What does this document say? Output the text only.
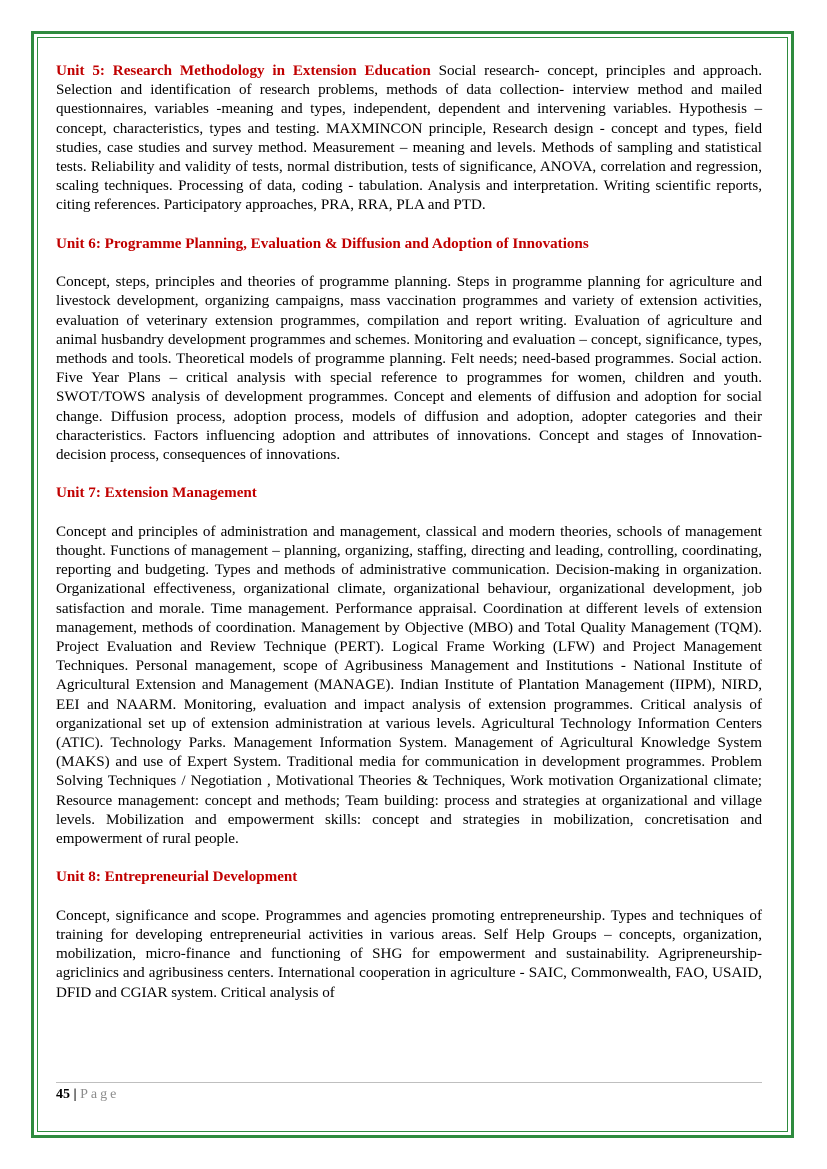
Unit 5: Research Methodology in Extension Education Social research- concept, principles and approach. Selection and identification of research problems, methods of data collection- interview method and mailed questionnaires, variables -meaning and types, independent, dependent and intervening variables. Hypothesis – concept, characteristics, types and testing. MAXMINCON principle, Research design - concept and types, field studies, case studies and survey method. Measurement – meaning and levels. Methods of sampling and statistical tests. Reliability and validity of tests, normal distribution, tests of significance, ANOVA, correlation and regression, scaling techniques. Processing of data, coding - tabulation. Analysis and interpretation. Writing scientific reports, citing references. Participatory approaches, PRA, RRA, PLA and PTD.

Unit 6: Programme Planning, Evaluation & Diffusion and Adoption of Innovations

Concept, steps, principles and theories of programme planning. Steps in programme planning for agriculture and livestock development, organizing campaigns, mass vaccination programmes and variety of extension activities, evaluation of veterinary extension programmes, compilation and report writing. Evaluation of agriculture and animal husbandry development programmes and schemes. Monitoring and evaluation – concept, significance, types, methods and tools. Theoretical models of programme planning. Felt needs; need-based programmes. Social action. Five Year Plans – critical analysis with special reference to programmes for women, children and youth. SWOT/TOWS analysis of development programmes. Concept and elements of diffusion and adoption for social change. Diffusion process, adoption process, models of diffusion and adoption, adopter categories and their characteristics. Factors influencing adoption and attributes of innovations. Concept and stages of Innovation-decision process, consequences of innovations.

Unit 7: Extension Management

Concept and principles of administration and management, classical and modern theories, schools of management thought. Functions of management – planning, organizing, staffing, directing and leading, controlling, coordinating, reporting and budgeting. Types and methods of administrative communication. Decision-making in organization. Organizational effectiveness, organizational climate, organizational behaviour, organizational development, job satisfaction and morale. Time management. Performance appraisal. Coordination at different levels of extension management, methods of coordination. Management by Objective (MBO) and Total Quality Management (TQM). Project Evaluation and Review Technique (PERT). Logical Frame Working (LFW) and Project Management Techniques. Personal management, scope of Agribusiness Management and Institutions - National Institute of Agricultural Extension and Management (MANAGE). Indian Institute of Plantation Management (IIPM), NIRD, EEI and NAARM. Monitoring, evaluation and impact analysis of extension programmes. Critical analysis of organizational set up of extension administration at various levels. Agricultural Technology Information Centers (ATIC). Technology Parks. Management Information System. Management of Agricultural Knowledge System (MAKS) and use of Expert System. Traditional media for communication in development programmes. Problem Solving Techniques / Negotiation , Motivational Theories & Techniques, Work motivation Organizational climate; Resource management: concept and methods; Team building: process and strategies at organizational and village levels. Mobilization and empowerment skills: concept and strategies in mobilization, concretisation and empowerment of rural people.

Unit 8: Entrepreneurial Development

Concept, significance and scope. Programmes and agencies promoting entrepreneurship. Types and techniques of training for developing entrepreneurial activities in various areas. Self Help Groups – concepts, organization, mobilization, micro-finance and functioning of SHG for empowerment and sustainability. Agripreneurship- agriclinics and agribusiness centers. International cooperation in agriculture - SAIC, Commonwealth, FAO, USAID, DFID and CGIAR system. Critical analysis of

45 | Page
